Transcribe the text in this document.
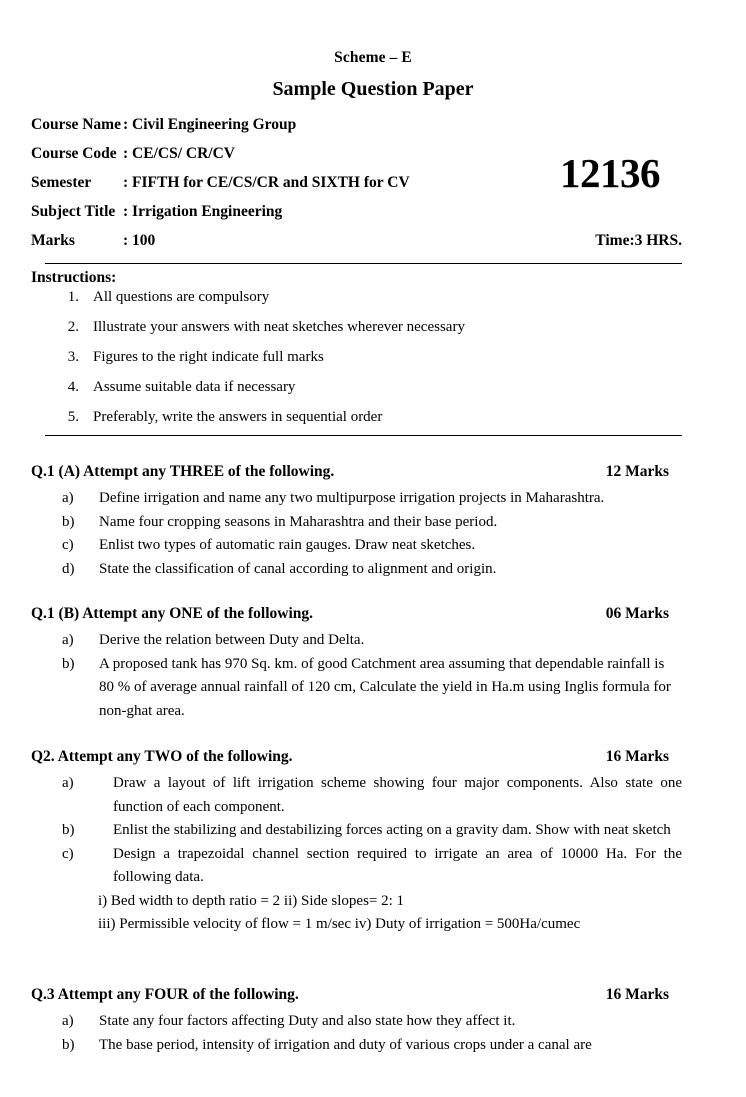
Scheme – E
Sample Question Paper
Course Name : Civil Engineering Group
Course Code : CE/CS/ CR/CV
Semester : FIFTH for CE/CS/CR and SIXTH for CV
Subject Title : Irrigation Engineering
Marks	: 100
12136
Time:3 HRS.
Instructions:
1. All questions are compulsory
2. Illustrate your answers with neat sketches wherever necessary
3. Figures to the right indicate full marks
4. Assume suitable data if necessary
5. Preferably, write the answers in sequential order
Q.1 (A) Attempt any THREE of the following.	12 Marks
a)	Define irrigation and name any two multipurpose irrigation projects in Maharashtra.
b)	Name four cropping seasons in Maharashtra and their base period.
c)	Enlist two types of automatic rain gauges. Draw neat sketches.
d)	State the classification of canal according to alignment and origin.
Q.1 (B) Attempt any ONE of the following.	06 Marks
a)	Derive the relation between Duty and Delta.
b)	A proposed tank has 970 Sq. km. of good Catchment area assuming that dependable rainfall is 80 % of average annual rainfall of 120 cm, Calculate the yield in Ha.m using Inglis formula for non-ghat area.
Q2. Attempt any TWO of the following.	16 Marks
a)	Draw a layout of lift irrigation scheme showing four major components. Also state one function of each component.
b)	Enlist the stabilizing and destabilizing forces acting on a gravity dam. Show with neat sketch
c)	Design a trapezoidal channel section required to irrigate an area of 10000 Ha. For the following data.
i) Bed width to depth ratio = 2 ii) Side slopes= 2: 1
iii) Permissible velocity of flow = 1 m/sec iv) Duty of irrigation = 500Ha/cumec
Q.3 Attempt any FOUR of the following.	16 Marks
a)	State any four factors affecting Duty and also state how they affect it.
b)	The base period, intensity of irrigation and duty of various crops under a canal are
